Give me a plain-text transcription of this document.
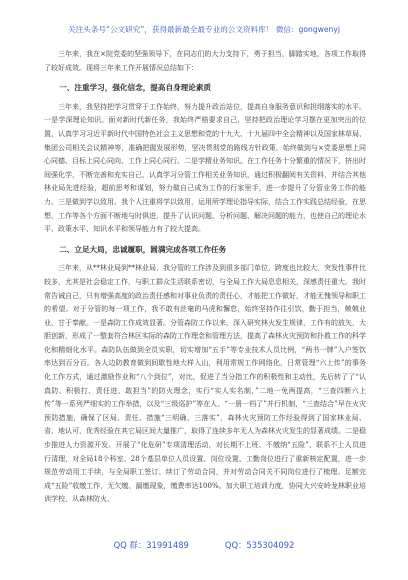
关注头条号“公文研究”，获得最新最全最专业的公文资料库！ 微信：gongwenyj

三年来，我在×院党委的坚强领导下，在同志们的大力支持下，勇于担当，脚踏实地，各项工作取得了较好成效。现将三年来工作开展情况总结如下：

一、注重学习，强化信念，提高自身理论素质

三年来，我坚持把学习贯穿于工作始终，努力提升政治站位，提高自身服务意识和担纲落实的水平。一是学深理论知识。面对新时代新任务，我始终严格要求自己，坚持把政治理论学习摆在更加突出的位置，认真学习习近平新时代中国特色社会主义思想和党的十九大、十九届四中全会精神以及国家林草局、集团公司相关会议精神等，准确把握发展形势，坚决贯彻党的路线方针政策，始终做到与×党委思想上同心同德、目标上同心同向、工作上同心同行。二是学精业务知识。在工作任务十分繁重的情况下，挤出时间强化学，不断完善和充实自己，认真学习分管工作相关业务知识，通过积极翻阅有关资料，并结合其他林业局先进经验，超前思考和谋划，努力做自己成为工作的行家里手，进一步提升了分管业务工作的能力。三是做到学以致用。我个人注重将学以致用，运用所学理论指导实际，结合工作实践总结经验，在思想、工作等各个方面不断地与时俱进，提升了认识问题、分析问题、解决问题的能力，也使自己的理论水平、政策水平、知识水平和领导能力有了较大提高。

二、立足大局，忠诚履职，圆满完成各项工作任务

三年来，从**林业局到**林业局，我分管的工作涉及到很多部门单位，跨度也比较大，突发性事件比较多，尤其是社会稳定工作，与职工群众生活联系密切，与全局工作大局息息相关，深感责任重大。我时常告诫自己，只有增强高度的政治责任感和对事业负责的责任心，才能把工作做好，才能无愧领导和职工的希望。对于分管的每一项工作，我不敢有丝毫的马虎和懈怠，始终坚持作往引饮，勤于担当，兢兢业业，甘于奉献。一是森防工作成效显著。分管森防工作以来，深入研究林火发生规律，工作有的放矢，大胆创新，形成了一整套符合林区实际的森防工作理念和管理方法，提高了森林火灾预防和扑救工作的科学化和精细化水平。森防队伍做到全员实职，切实增加“五手”等专业技术人员比例，“两书一牌”入户签饮率达到百分百。各人边防教育做到间歇性地大样入山，利用常规工作网络化，日常管理“六上传”的事务化工作方式，通过激励作业和“八个到位”，对比，促进了当分指工作的积极性和主动性，先后转了了“认真防、积极打、责任进、敢担当”的防火理念，实行“实人实名制，”二地一免两提高，“三查四断六上传”等一系列严细实的工作举措，以及“三级巡护”等在人、“一册一档了”并行机制，“三查结合”早在火灾预防措施，确保了区局、责任、措施“三明确、三落实”，森林火灾预防工作经验得到了国家林业局、省、地认可，优秀经验在其它局区间大量推广，取得了连续多年无人为森林火灾发生的显著成绩。二是稳步推进人力资源开发。开展了“化危研”专项清理活动，对长期不上班、不缴纳“五险”、联系不上人员进行清理，对全局18个科室、28个基层单位人员设置、岗位设置、工勤岗位进行了重新核定配置，进一步规范劳动用工手续，与全局职工签订、续订了劳动合同，并对劳动合同关不同岗位进行了梳理。足额完成“五险”收缴工作，无欠缴、漏缴现象，缴费率达100%。加大职工培训力度，协同大兴安岭龙林职业培训学校，从森林防火、

QQ 群：31991489	QQ：535304092
